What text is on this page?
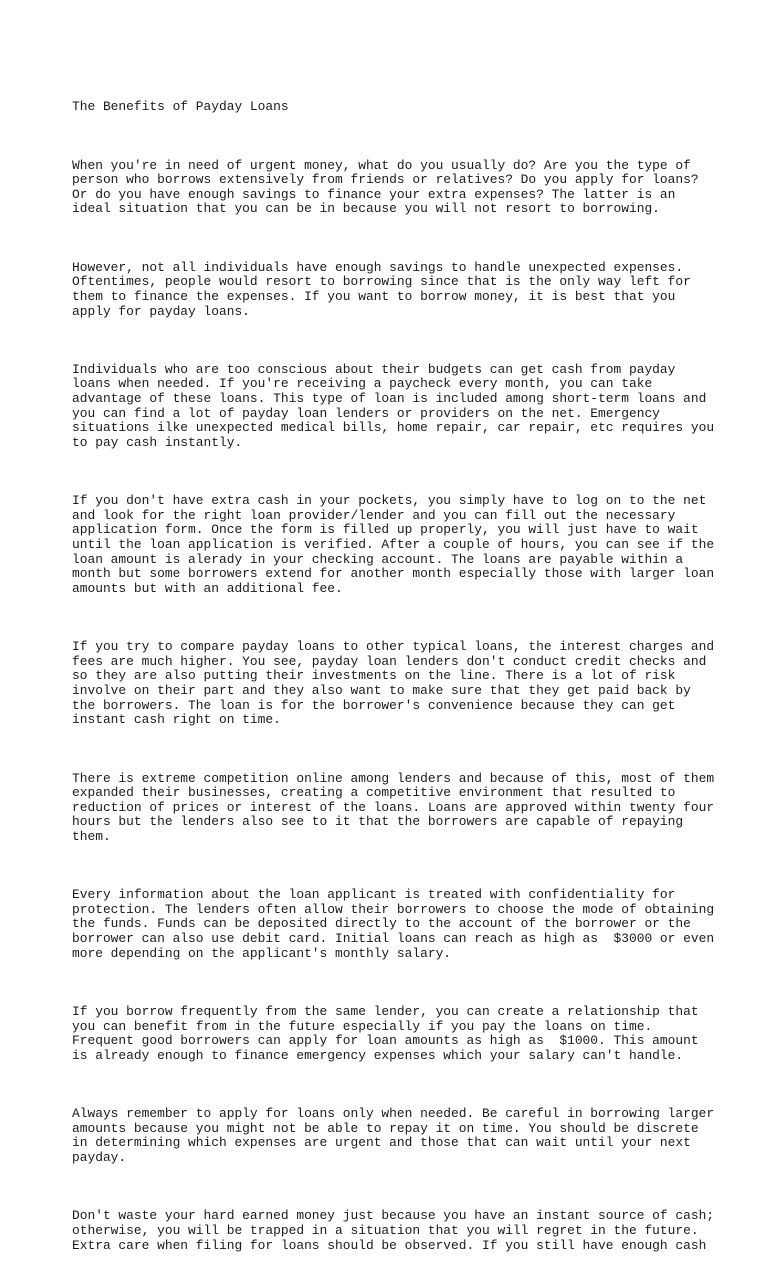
The Benefits of Payday Loans

When you're in need of urgent money, what do you usually do? Are you the type of
person who borrows extensively from friends or relatives? Do you apply for loans?
Or do you have enough savings to finance your extra expenses? The latter is an
ideal situation that you can be in because you will not resort to borrowing.

However, not all individuals have enough savings to handle unexpected expenses.
Oftentimes, people would resort to borrowing since that is the only way left for
them to finance the expenses. If you want to borrow money, it is best that you
apply for payday loans.

Individuals who are too conscious about their budgets can get cash from payday
loans when needed. If you're receiving a paycheck every month, you can take
advantage of these loans. This type of loan is included among short-term loans and
you can find a lot of payday loan lenders or providers on the net. Emergency
situations ilke unexpected medical bills, home repair, car repair, etc requires you
to pay cash instantly.

If you don't have extra cash in your pockets, you simply have to log on to the net
and look for the right loan provider/lender and you can fill out the necessary
application form. Once the form is filled up properly, you will just have to wait
until the loan application is verified. After a couple of hours, you can see if the
loan amount is alerady in your checking account. The loans are payable within a
month but some borrowers extend for another month especially those with larger loan
amounts but with an additional fee.

If you try to compare payday loans to other typical loans, the interest charges and
fees are much higher. You see, payday loan lenders don't conduct credit checks and
so they are also putting their investments on the line. There is a lot of risk
involve on their part and they also want to make sure that they get paid back by
the borrowers. The loan is for the borrower's convenience because they can get
instant cash right on time.

There is extreme competition online among lenders and because of this, most of them
expanded their businesses, creating a competitive environment that resulted to
reduction of prices or interest of the loans. Loans are approved within twenty four
hours but the lenders also see to it that the borrowers are capable of repaying
them.

Every information about the loan applicant is treated with confidentiality for
protection. The lenders often allow their borrowers to choose the mode of obtaining
the funds. Funds can be deposited directly to the account of the borrower or the
borrower can also use debit card. Initial loans can reach as high as  $3000 or even
more depending on the applicant's monthly salary.

If you borrow frequently from the same lender, you can create a relationship that
you can benefit from in the future especially if you pay the loans on time.
Frequent good borrowers can apply for loan amounts as high as  $1000. This amount
is already enough to finance emergency expenses which your salary can't handle.

Always remember to apply for loans only when needed. Be careful in borrowing larger
amounts because you might not be able to repay it on time. You should be discrete
in determining which expenses are urgent and those that can wait until your next
payday.

Don't waste your hard earned money just because you have an instant source of cash;
otherwise, you will be trapped in a situation that you will regret in the future.
Extra care when filing for loans should be observed. If you still have enough cash
